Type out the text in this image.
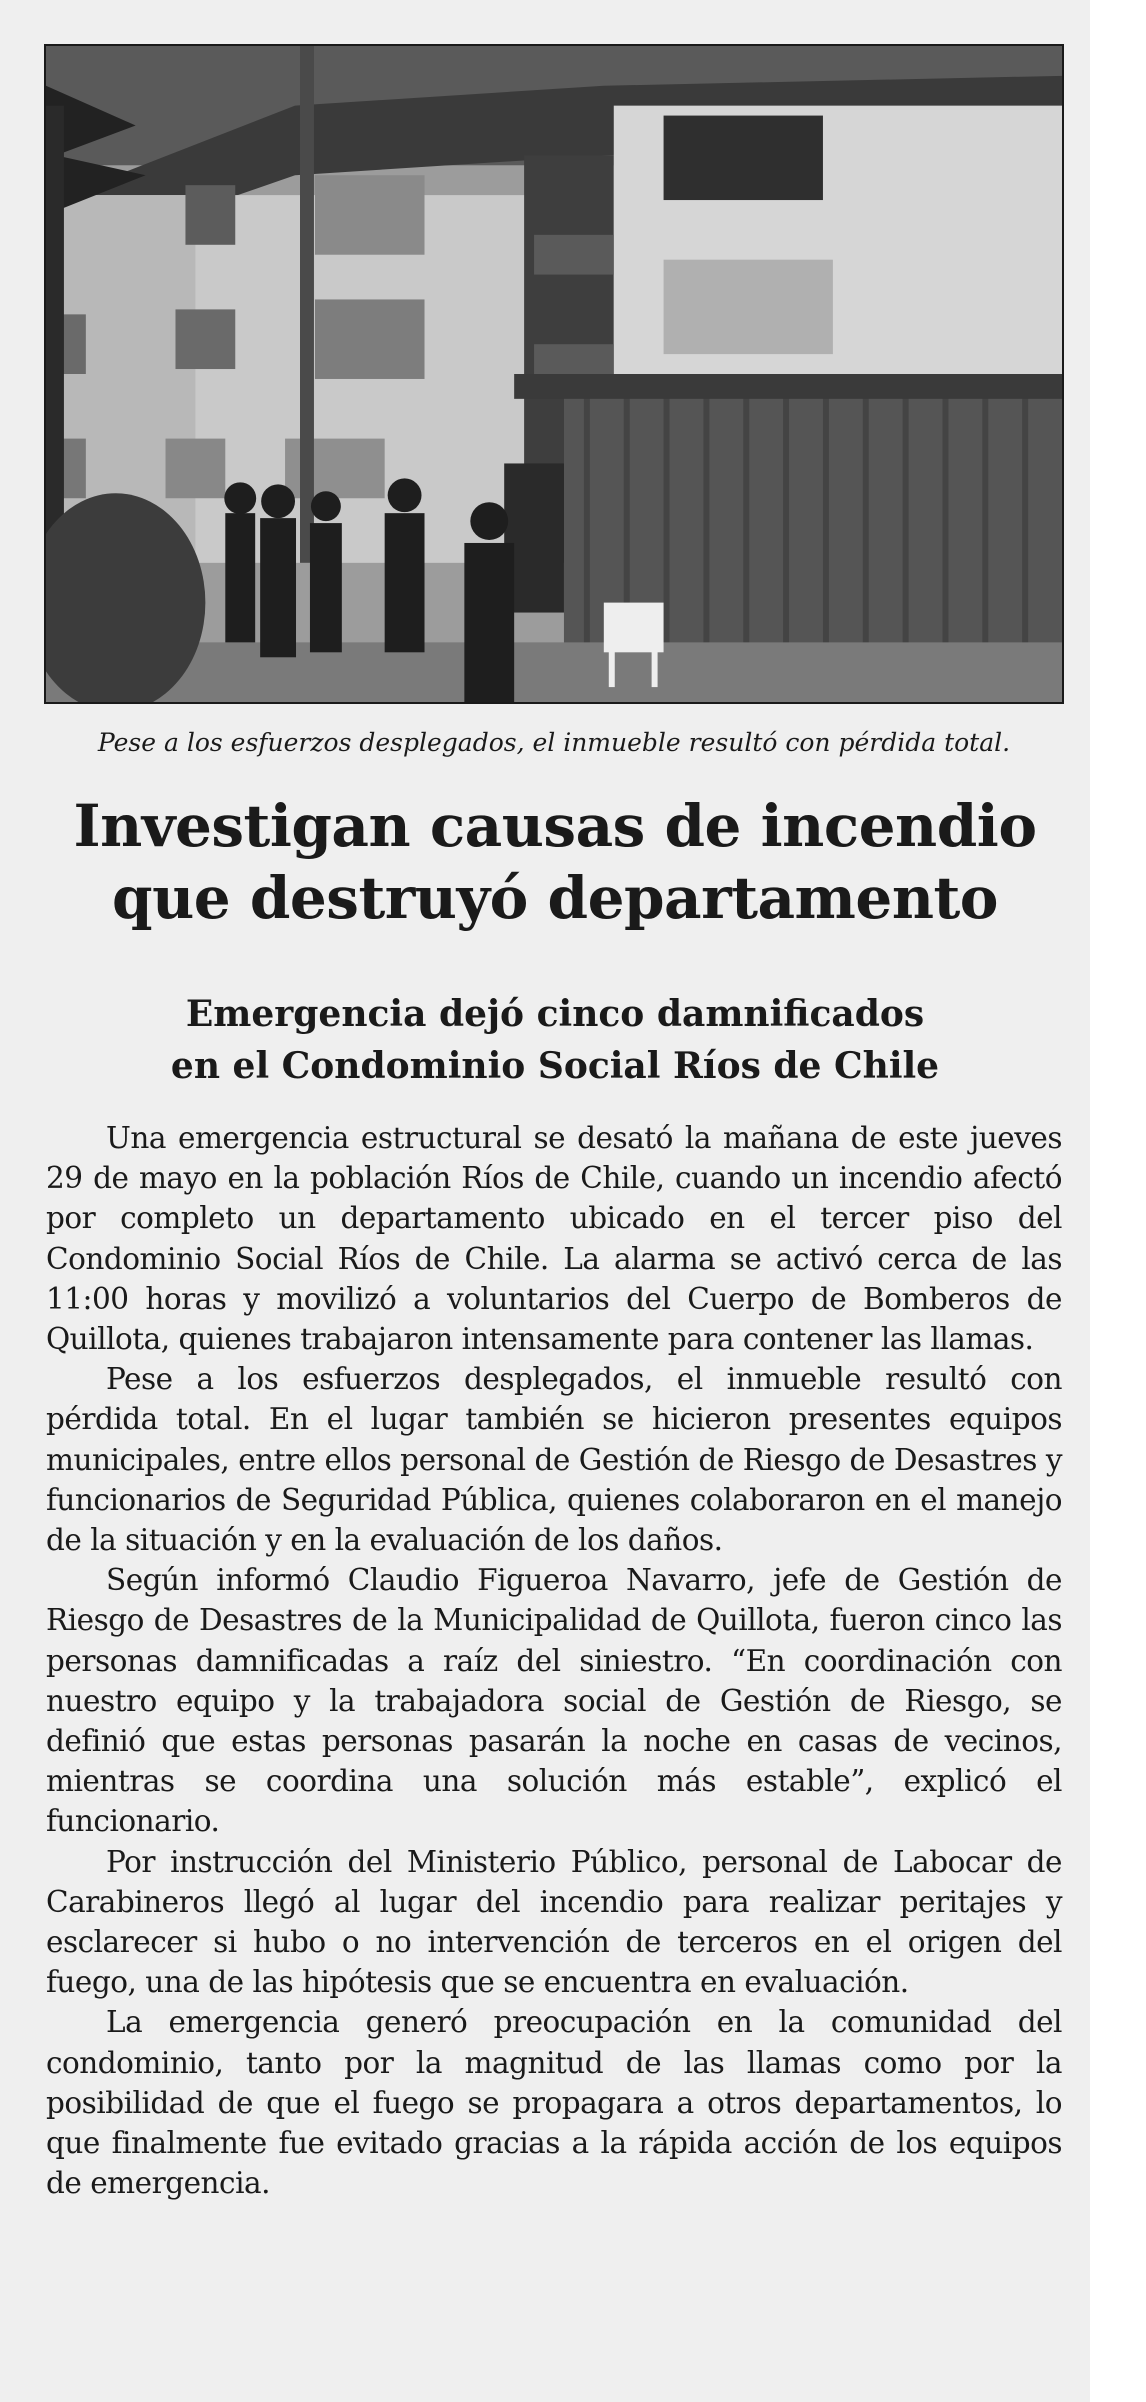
Pese a los esfuerzos desplegados, el inmueble resultó con pérdida total.

Investigan causas de incendio
que destruyó departamento
Emergencia dejó cinco damnificados
en el Condominio Social Ríos de Chile

Una emergencia estructural se desató la mañana de este jueves 29 de mayo en la población Ríos de Chile, cuando un incendio afectó por completo un departamento ubicado en el tercer piso del Condominio Social Ríos de Chile. La alarma se activó cerca de las 11:00 horas y movilizó a voluntarios del Cuerpo de Bomberos de Quillota, quienes trabajaron intensamente para contener las llamas.

Pese a los esfuerzos desplegados, el inmueble resultó con pérdida total. En el lugar también se hicieron presentes equipos municipales, entre ellos personal de Gestión de Riesgo de Desastres y funcionarios de Seguridad Pública, quienes colaboraron en el manejo de la situación y en la evaluación de los daños.

Según informó Claudio Figueroa Navarro, jefe de Gestión de Riesgo de Desastres de la Municipalidad de Quillota, fueron cinco las personas damnificadas a raíz del siniestro. “En coordinación con nuestro equipo y la trabajadora social de Gestión de Riesgo, se definió que estas personas pasarán la noche en casas de vecinos, mientras se coordina una solución más estable”, explicó el funcionario.

Por instrucción del Ministerio Público, personal de Labocar de Carabineros llegó al lugar del incendio para realizar peritajes y esclarecer si hubo o no intervención de terceros en el origen del fuego, una de las hipótesis que se encuentra en evaluación.

La emergencia generó preocupación en la comunidad del condominio, tanto por la magnitud de las llamas como por la posibilidad de que el fuego se propagara a otros departamentos, lo que finalmente fue evitado gracias a la rápida acción de los equipos de emergencia.
